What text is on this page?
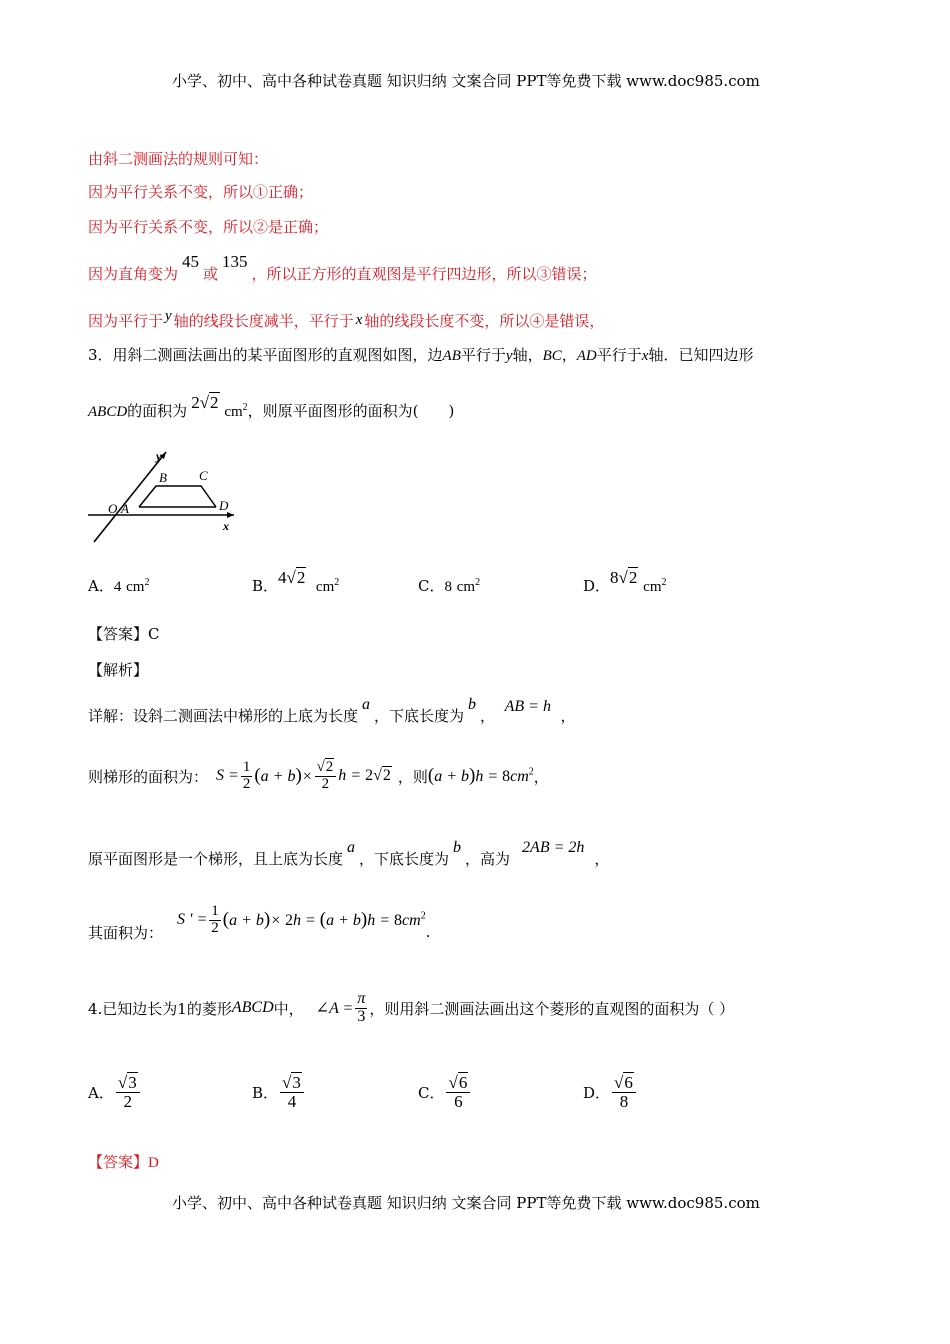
小学、初中、高中各种试卷真题 知识归纳 文案合同 PPT等免费下载 www.doc985.com
由斜二测画法的规则可知：
因为平行关系不变，所以①正确；
因为平行关系不变，所以②是正确；
因为直角变为45或135，所以正方形的直观图是平行四边形，所以③错误；
因为平行于 y 轴的线段长度减半，平行于 x 轴的线段长度不变，所以④是错误，
3．用斜二测画法画出的某平面图形的直观图如图，边AB平行于y轴，BC，AD平行于x轴．已知四边形
ABCD的面积为 2√2 $cm^2$，则原平面图形的面积为(　　)
y
B C
O A	D
x
A．4 $cm^2$	B．4√2 $cm^2$	C．8 $cm^2$	D．8√2 $cm^2$
【答案】C
【解析】
详解：设斜二测画法中梯形的上底为长度a，下底长度为b，  AB = h  ，
则梯形的面积为： $S = \frac{1}{2} (a + b)\times \frac{√2}{2}$ h = 2√2 ，则 $(a + b)h = 8cm^2$ ，
原平面图形是一个梯形，且上底为长度a，下底长度为b，高为2AB = 2h，
其面积为：
S ' = $\frac{1}{2} (a + b)\times 2h = (a + b)h = 8cm^2$
.
4.已知边长为1的菱形 ABCD 中， ∠A = $\frac{\pi}{3}$ ，则用斜二测画法画出这个菱形的直观图的面积为（ ）
A． $\frac{√3}{2}$	B． $\frac{√3}{4}$	C． $\frac{√6}{6}$	D． $\frac{√6}{8}$
【答案】D
小学、初中、高中各种试卷真题 知识归纳 文案合同 PPT等免费下载 www.doc985.com
